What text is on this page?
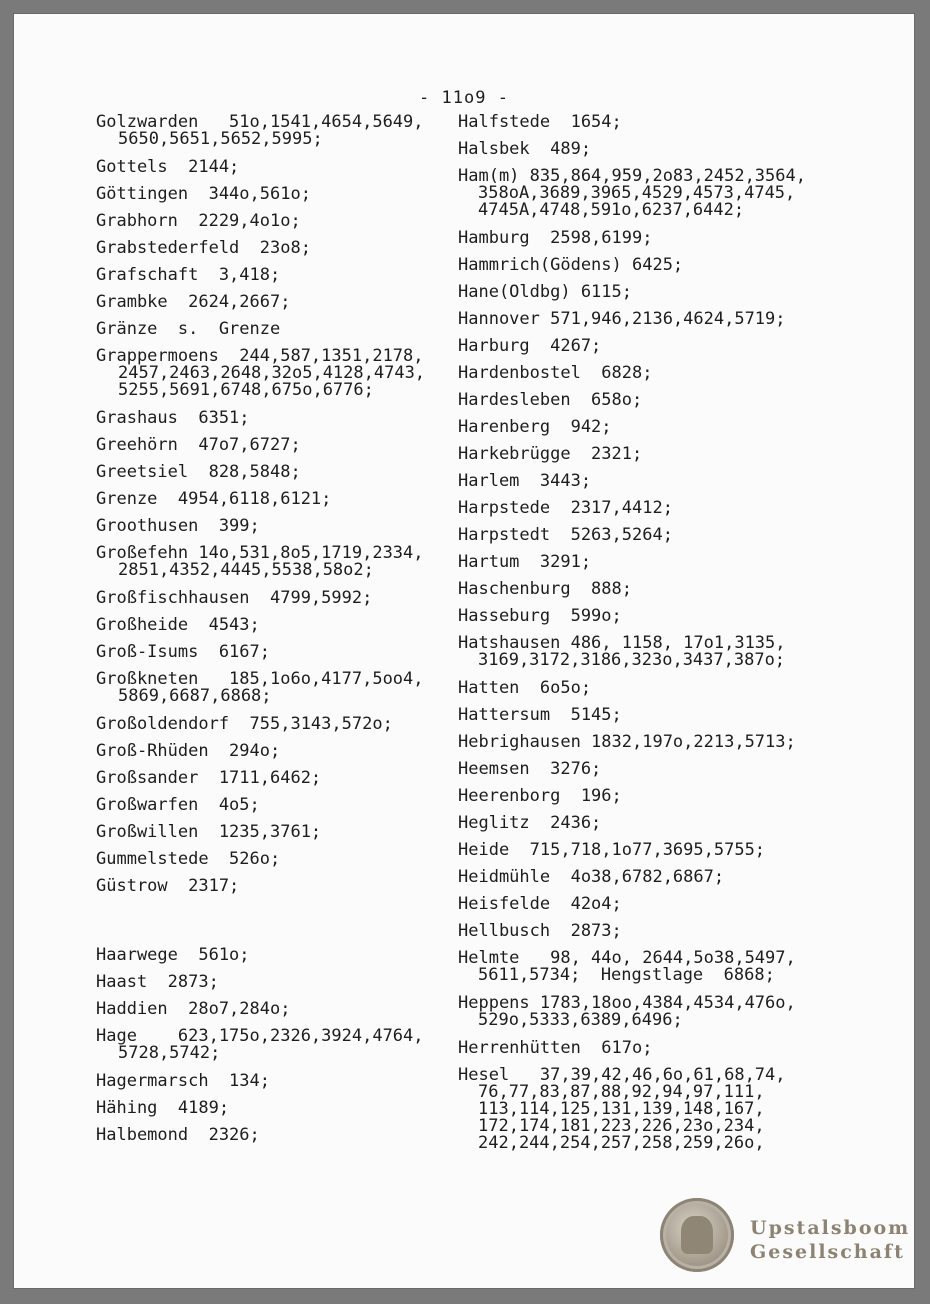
- 11o9 -
Golzwarden   51o,1541,4654,5649,
5650,5651,5652,5995;
Gottels  2144;
Göttingen  344o,561o;
Grabhorn  2229,4o1o;
Grabstederfeld  23o8;
Grafschaft  3,418;
Grambke  2624,2667;
Gränze  s.  Grenze
Grappermoens  244,587,1351,2178,
2457,2463,2648,32o5,4128,4743,
5255,5691,6748,675o,6776;
Grashaus  6351;
Greehörn  47o7,6727;
Greetsiel  828,5848;
Grenze  4954,6118,6121;
Groothusen  399;
Großefehn 14o,531,8o5,1719,2334,
2851,4352,4445,5538,58o2;
Großfischhausen  4799,5992;
Großheide  4543;
Groß-Isums  6167;
Großkneten   185,1o6o,4177,5oo4,
5869,6687,6868;
Großoldendorf  755,3143,572o;
Groß-Rhüden  294o;
Großsander  1711,6462;
Großwarfen  4o5;
Großwillen  1235,3761;
Gummelstede  526o;
Güstrow  2317;
Haarwege  561o;
Haast  2873;
Haddien  28o7,284o;
Hage    623,175o,2326,3924,4764,
5728,5742;
Hagermarsch  134;
Hähing  4189;
Halbemond  2326;
Halfstede  1654;
Halsbek  489;
Ham(m) 835,864,959,2o83,2452,3564,
358oA,3689,3965,4529,4573,4745,
4745A,4748,591o,6237,6442;
Hamburg  2598,6199;
Hammrich(Gödens) 6425;
Hane(Oldbg) 6115;
Hannover 571,946,2136,4624,5719;
Harburg  4267;
Hardenbostel  6828;
Hardesleben  658o;
Harenberg  942;
Harkebrügge  2321;
Harlem  3443;
Harpstede  2317,4412;
Harpstedt  5263,5264;
Hartum  3291;
Haschenburg  888;
Hasseburg  599o;
Hatshausen 486, 1158, 17o1,3135,
3169,3172,3186,323o,3437,387o;
Hatten  6o5o;
Hattersum  5145;
Hebrighausen 1832,197o,2213,5713;
Heemsen  3276;
Heerenborg  196;
Heglitz  2436;
Heide  715,718,1o77,3695,5755;
Heidmühle  4o38,6782,6867;
Heisfelde  42o4;
Hellbusch  2873;
Helmte   98, 44o, 2644,5o38,5497,
5611,5734;  Hengstlage  6868;
Heppens 1783,18oo,4384,4534,476o,
529o,5333,6389,6496;
Herrenhütten  617o;
Hesel   37,39,42,46,6o,61,68,74,
76,77,83,87,88,92,94,97,111,
113,114,125,131,139,148,167,
172,174,181,223,226,23o,234,
242,244,254,257,258,259,26o,
Upstalsboom
Gesellschaft
